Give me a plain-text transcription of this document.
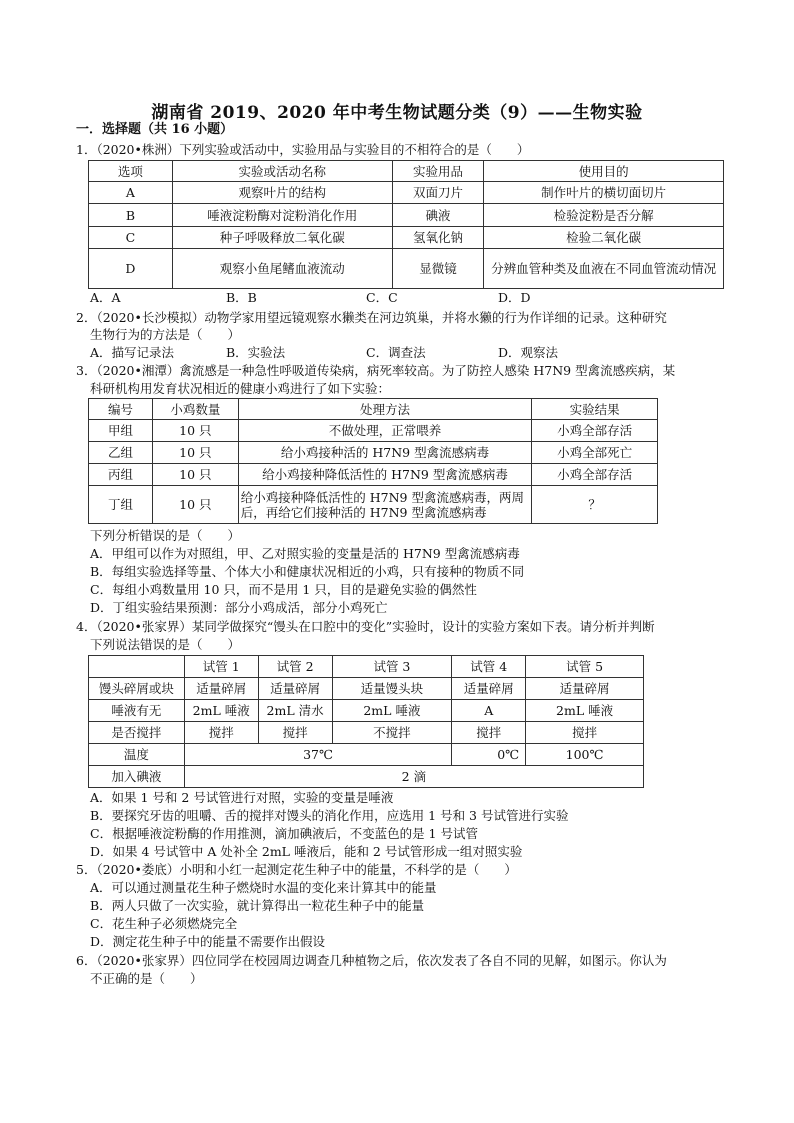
湖南省 2019、2020 年中考生物试题分类（9）——生物实验
一．选择题（共 16 小题）
1．（2020•株洲）下列实验或活动中，实验用品与实验目的不相符合的是（　　）
选项	实验或活动名称	实验用品	使用目的
A	观察叶片的结构	双面刀片	制作叶片的横切面切片
B	唾液淀粉酶对淀粉消化作用	碘液	检验淀粉是否分解
C	种子呼吸释放二氧化碳	氢氧化钠	检验二氧化碳
D	观察小鱼尾鳍血液流动	显微镜	分辨血管种类及血液在不同血管流动情况
A．A	B．B	C．C	D．D
2．（2020•长沙模拟）动物学家用望远镜观察水獭类在河边筑巢，并将水獭的行为作详细的记录。这种研究
生物行为的方法是（　　）
A．描写记录法	B．实验法	C．调查法	D．观察法
3．（2020•湘潭）禽流感是一种急性呼吸道传染病，病死率较高。为了防控人感染 H7N9 型禽流感疾病，某
科研机构用发育状况相近的健康小鸡进行了如下实验：
编号	小鸡数量	处理方法	实验结果
甲组	10 只	不做处理，正常喂养	小鸡全部存活
乙组	10 只	给小鸡接种活的 H7N9 型禽流感病毒	小鸡全部死亡
丙组	10 只	给小鸡接种降低活性的 H7N9 型禽流感病毒	小鸡全部存活
丁组	10 只	给小鸡接种降低活性的 H7N9 型禽流感病毒，两周后，再给它们接种活的 H7N9 型禽流感病毒	？
下列分析错误的是（　　）
A．甲组可以作为对照组，甲、乙对照实验的变量是活的 H7N9 型禽流感病毒
B．每组实验选择等量、个体大小和健康状况相近的小鸡，只有接种的物质不同
C．每组小鸡数量用 10 只，而不是用 1 只，目的是避免实验的偶然性
D．丁组实验结果预测：部分小鸡成活，部分小鸡死亡
4．（2020•张家界）某同学做探究“馒头在口腔中的变化”实验时，设计的实验方案如下表。请分析并判断
下列说法错误的是（　　）
	试管 1	试管 2	试管 3	试管 4	试管 5
馒头碎屑或块	适量碎屑	适量碎屑	适量馒头块	适量碎屑	适量碎屑
唾液有无	2mL 唾液	2mL 清水	2mL 唾液	A	2mL 唾液
是否搅拌	搅拌	搅拌	不搅拌	搅拌	搅拌
温度	37℃			0℃	100℃
加入碘液	2 滴				
A．如果 1 号和 2 号试管进行对照，实验的变量是唾液
B．要探究牙齿的咀嚼、舌的搅拌对馒头的消化作用，应选用 1 号和 3 号试管进行实验
C．根据唾液淀粉酶的作用推测，滴加碘液后，不变蓝色的是 1 号试管
D．如果 4 号试管中 A 处补全 2mL 唾液后，能和 2 号试管形成一组对照实验
5．（2020•娄底）小明和小红一起测定花生种子中的能量，不科学的是（　　）
A．可以通过测量花生种子燃烧时水温的变化来计算其中的能量
B．两人只做了一次实验，就计算得出一粒花生种子中的能量
C．花生种子必须燃烧完全
D．测定花生种子中的能量不需要作出假设
6．（2020•张家界）四位同学在校园周边调查几种植物之后，依次发表了各自不同的见解，如图示。你认为
不正确的是（　　）
